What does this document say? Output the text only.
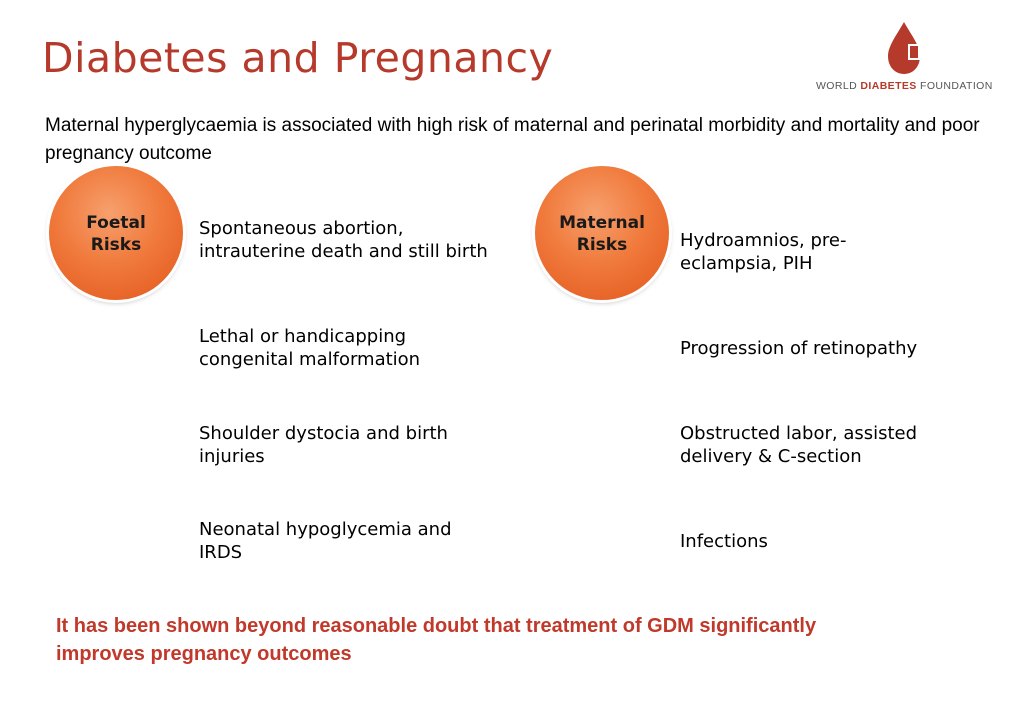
Diabetes and Pregnancy
WORLD DIABETES FOUNDATION

Maternal hyperglycaemia is associated with high risk of maternal and perinatal morbidity and mortality and poor pregnancy outcome

Foetal Risks
Maternal Risks
Spontaneous abortion, intrauterine death and still birth
Lethal or handicapping congenital malformation
Shoulder dystocia and birth injuries
Neonatal hypoglycemia and IRDS
Hydroamnios, pre-eclampsia, PIH
Progression of retinopathy
Obstructed labor, assisted delivery & C-section
Infections

It has been shown beyond reasonable doubt that treatment of GDM significantly improves pregnancy outcomes
